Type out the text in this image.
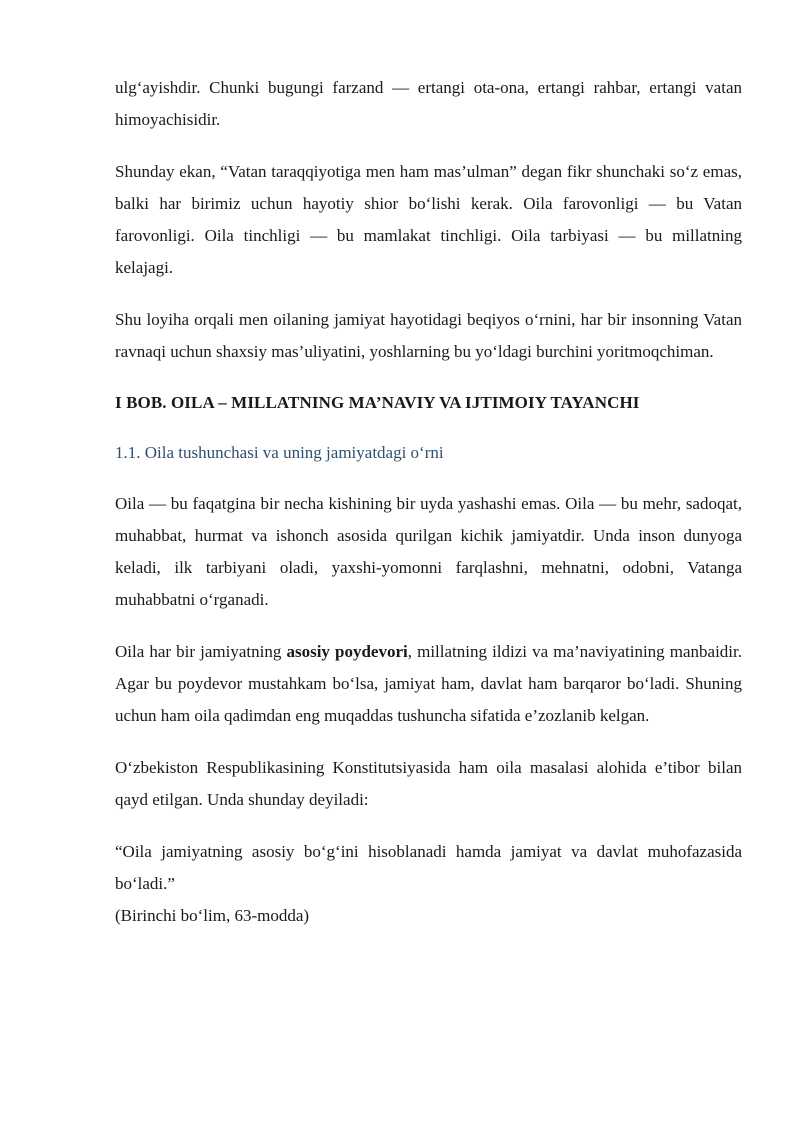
ulg‘ayishdir. Chunki bugungi farzand — ertangi ota-ona, ertangi rahbar, ertangi vatan himoyachisidir.

Shunday ekan, “Vatan taraqqiyotiga men ham mas’ulman” degan fikr shunchaki so‘z emas, balki har birimiz uchun hayotiy shior bo‘lishi kerak. Oila farovonligi — bu Vatan farovonligi. Oila tinchligi — bu mamlakat tinchligi. Oila tarbiyasi — bu millatning kelajagi.

Shu loyiha orqali men oilaning jamiyat hayotidagi beqiyos o‘rnini, har bir insonning Vatan ravnaqi uchun shaxsiy mas’uliyatini, yoshlarning bu yo‘ldagi burchini yoritmoqchiman.

I BOB. OILA – MILLATNING MA’NAVIY VA IJTIMOIY TAYANCHI
1.1. Oila tushunchasi va uning jamiyatdagi o‘rni

Oila — bu faqatgina bir necha kishining bir uyda yashashi emas. Oila — bu mehr, sadoqat, muhabbat, hurmat va ishonch asosida qurilgan kichik jamiyatdir. Unda inson dunyoga keladi, ilk tarbiyani oladi, yaxshi-yomonni farqlashni, mehnatni, odobni, Vatanga muhabbatni o‘rganadi.

Oila har bir jamiyatning asosiy poydevori, millatning ildizi va ma’naviyatining manbaidir. Agar bu poydevor mustahkam bo‘lsa, jamiyat ham, davlat ham barqaror bo‘ladi. Shuning uchun ham oila qadimdan eng muqaddas tushuncha sifatida e’zozlanib kelgan.

O‘zbekiston Respublikasining Konstitutsiyasida ham oila masalasi alohida e’tibor bilan qayd etilgan. Unda shunday deyiladi:

“Oila jamiyatning asosiy bo‘g‘ini hisoblanadi hamda jamiyat va davlat muhofazasida bo‘ladi.”
(Birinchi bo‘lim, 63-modda)
